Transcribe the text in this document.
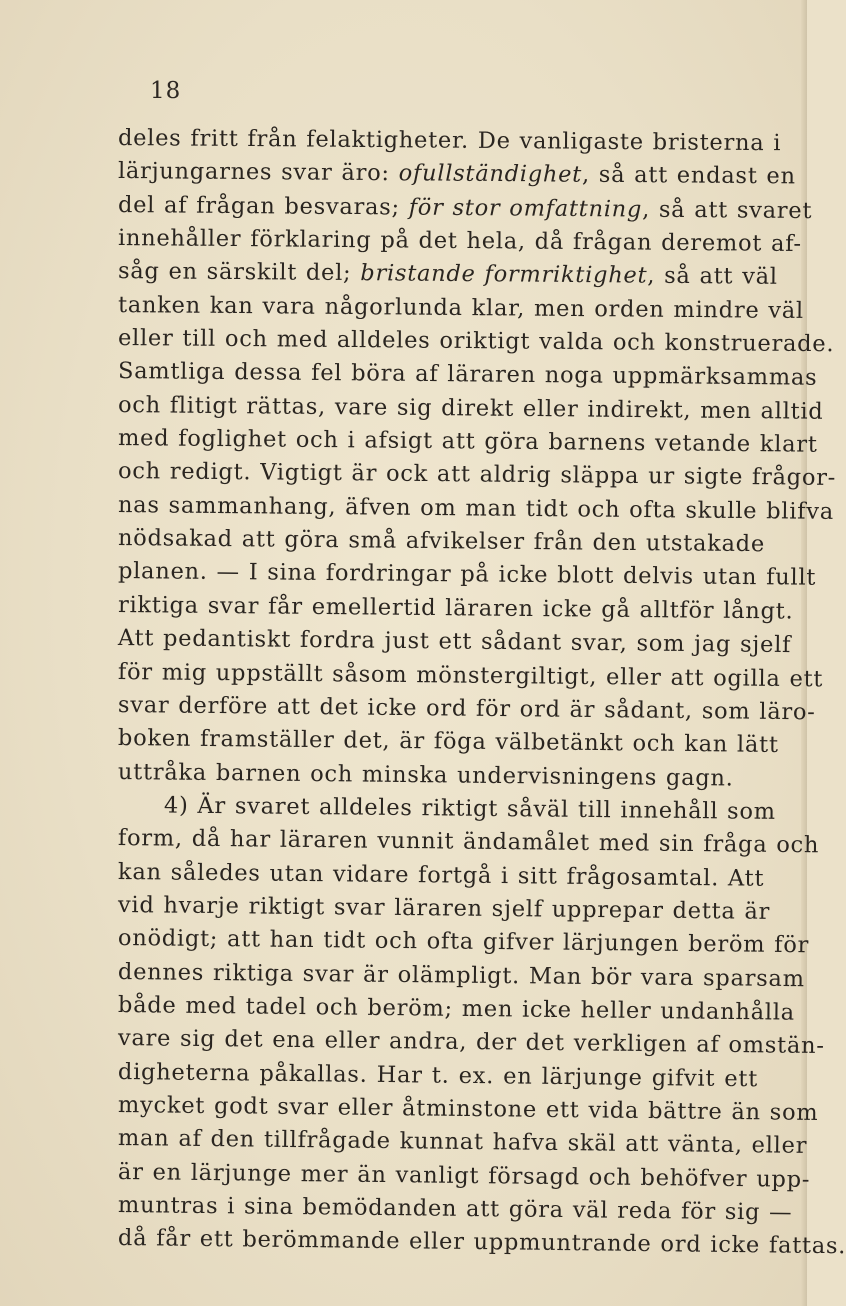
18
deles fritt från felaktigheter. De vanligaste bristerna i
lärjungarnes svar äro: ofullständighet, så att endast en
del af frågan besvaras; för stor omfattning, så att svaret
innehåller förklaring på det hela, då frågan deremot af-
såg en särskilt del; bristande formriktighet, så att väl
tanken kan vara någorlunda klar, men orden mindre väl
eller till och med alldeles oriktigt valda och konstruerade.
Samtliga dessa fel böra af läraren noga uppmärksammas
och flitigt rättas, vare sig direkt eller indirekt, men alltid
med foglighet och i afsigt att göra barnens vetande klart
och redigt. Vigtigt är ock att aldrig släppa ur sigte frågor-
nas sammanhang, äfven om man tidt och ofta skulle blifva
nödsakad att göra små afvikelser från den utstakade
planen. — I sina fordringar på icke blott delvis utan fullt
riktiga svar får emellertid läraren icke gå alltför långt.
Att pedantiskt fordra just ett sådant svar, som jag sjelf
för mig uppställt såsom mönstergiltigt, eller att ogilla ett
svar derföre att det icke ord för ord är sådant, som läro-
boken framställer det, är föga välbetänkt och kan lätt
uttråka barnen och minska undervisningens gagn.
4) Är svaret alldeles riktigt såväl till innehåll som
form, då har läraren vunnit ändamålet med sin fråga och
kan således utan vidare fortgå i sitt frågosamtal. Att
vid hvarje riktigt svar läraren sjelf upprepar detta är
onödigt; att han tidt och ofta gifver lärjungen beröm för
dennes riktiga svar är olämpligt. Man bör vara sparsam
både med tadel och beröm; men icke heller undanhålla
vare sig det ena eller andra, der det verkligen af omstän-
digheterna påkallas. Har t. ex. en lärjunge gifvit ett
mycket godt svar eller åtminstone ett vida bättre än som
man af den tillfrågade kunnat hafva skäl att vänta, eller
är en lärjunge mer än vanligt försagd och behöfver upp-
muntras i sina bemödanden att göra väl reda för sig —
då får ett berömmande eller uppmuntrande ord icke fattas.
